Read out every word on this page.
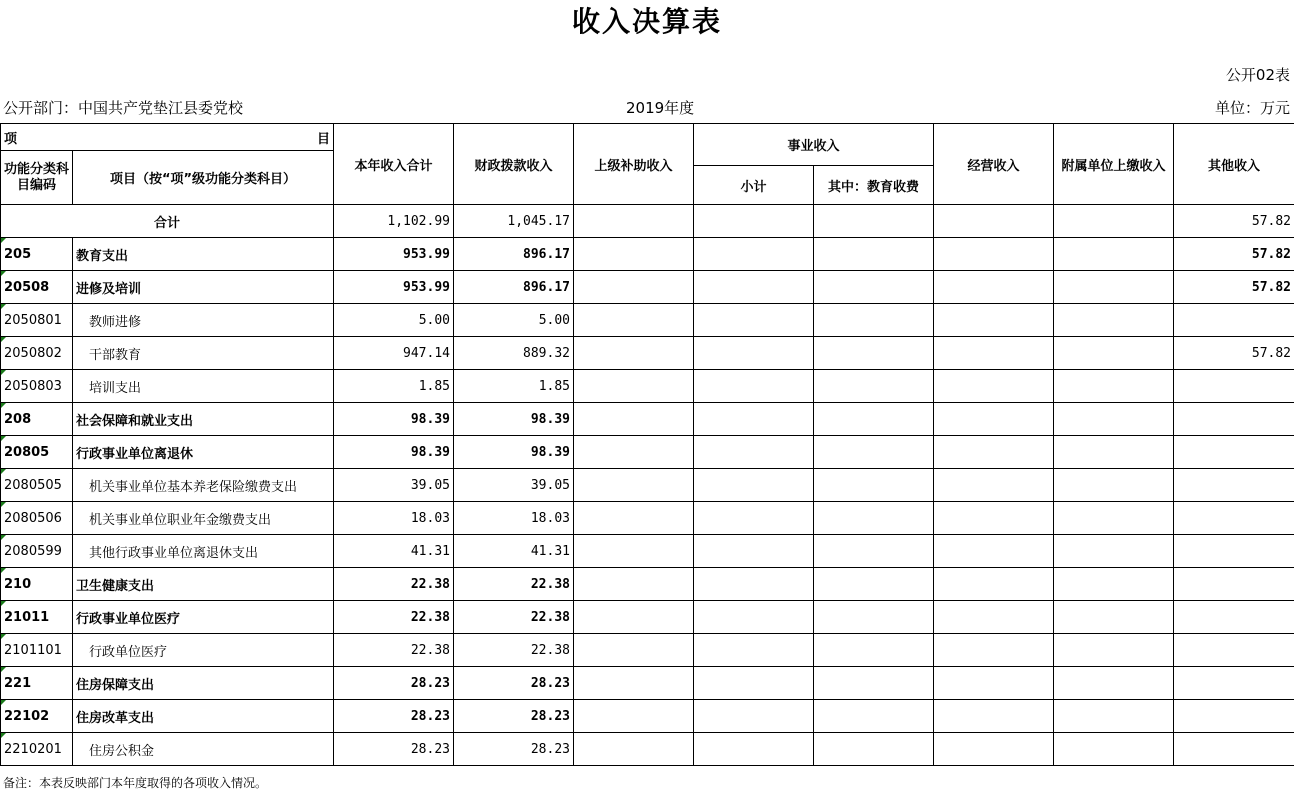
收入决算表
公开02表
公开部门：中国共产党垫江县委党校	2019年度	单位：万元
项 目		本年收入合计	财政拨款收入	上级补助收入	事业收入		经营收入	附属单位上缴收入	其他收入
功能分类科目编码	项目（按“项”级功能分类科目）								
					小计	其中：教育收费			
合计		1,102.99	1,045.17						57.82
205	教育支出	953.99	896.17						57.82
20508	进修及培训	953.99	896.17						57.82
2050801	教师进修	5.00	5.00						
2050802	干部教育	947.14	889.32						57.82
2050803	培训支出	1.85	1.85						
208	社会保障和就业支出	98.39	98.39						
20805	行政事业单位离退休	98.39	98.39						
2080505	机关事业单位基本养老保险缴费支出	39.05	39.05						
2080506	机关事业单位职业年金缴费支出	18.03	18.03						
2080599	其他行政事业单位离退休支出	41.31	41.31						
210	卫生健康支出	22.38	22.38						
21011	行政事业单位医疗	22.38	22.38						
2101101	行政单位医疗	22.38	22.38						
221	住房保障支出	28.23	28.23						
22102	住房改革支出	28.23	28.23						
2210201	住房公积金	28.23	28.23						
备注：本表反映部门本年度取得的各项收入情况。
